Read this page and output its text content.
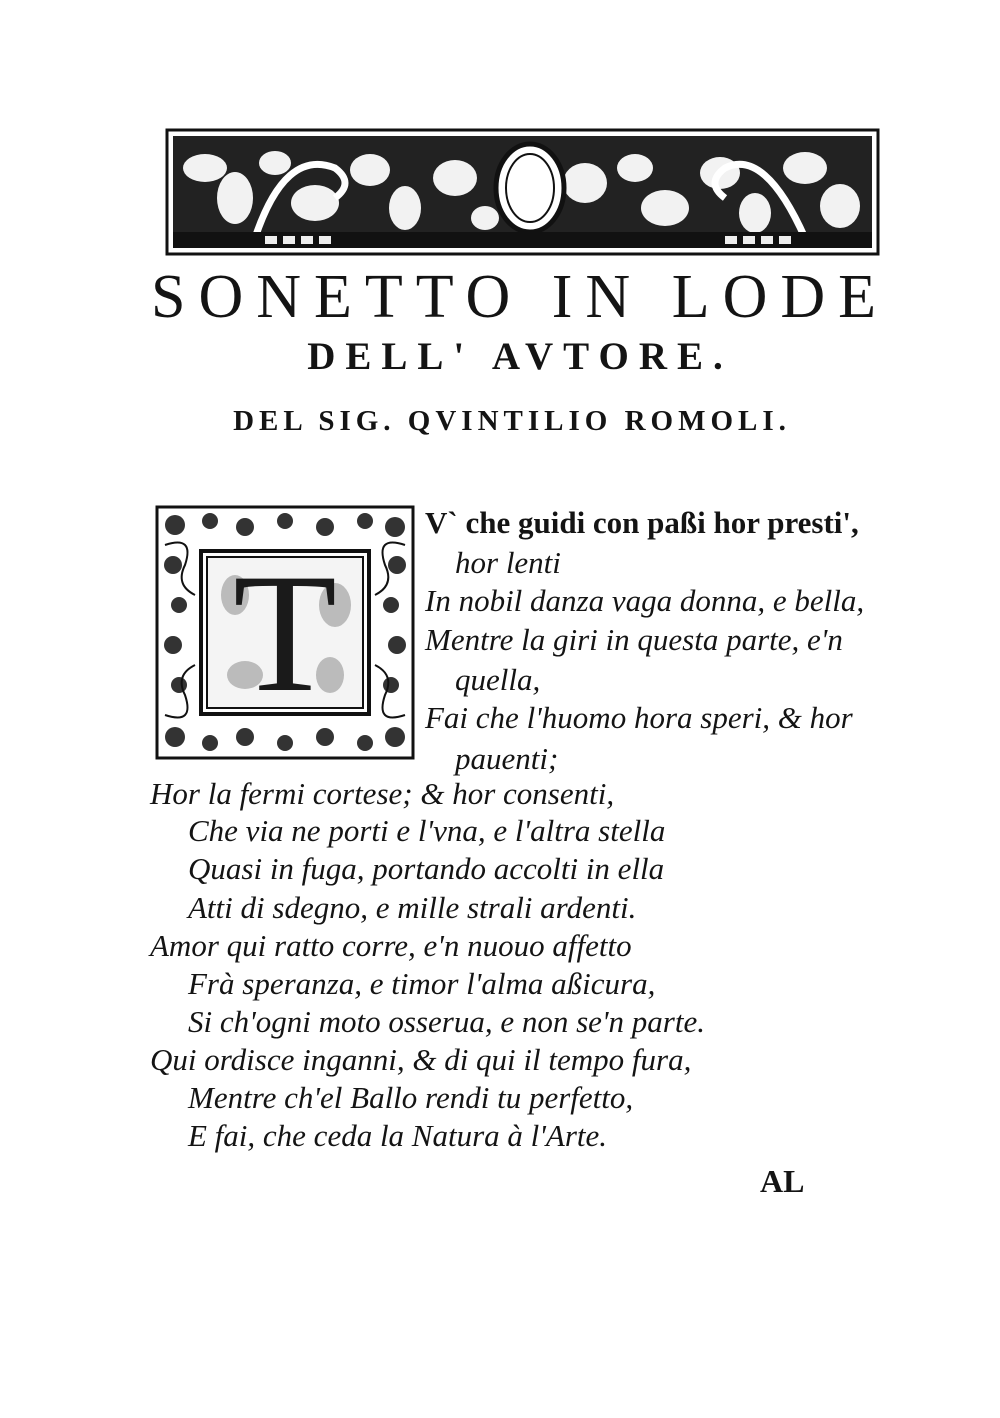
SONETTO IN LODE
DELL' AVTORE.
DEL SIG. QVINTILIO ROMOLI.
T
V` che guidi con paßi hor presti',
hor lenti
In nobil danza vaga donna, e bella,
Mentre la giri in questa parte, e'n
quella,
Fai che l'huomo hora speri, & hor
pauenti;
Hor la fermi cortese; & hor consenti,
Che via ne porti e l'vna, e l'altra stella
Quasi in fuga, portando accolti in ella
Atti di sdegno, e mille strali ardenti.
Amor qui ratto corre, e'n nuouo affetto
Frà speranza, e timor l'alma aßicura,
Si ch'ogni moto osserua, e non se'n parte.
Qui ordisce inganni, & di qui il tempo fura,
Mentre ch'el Ballo rendi tu perfetto,
E fai, che ceda la Natura à l'Arte.
AL
